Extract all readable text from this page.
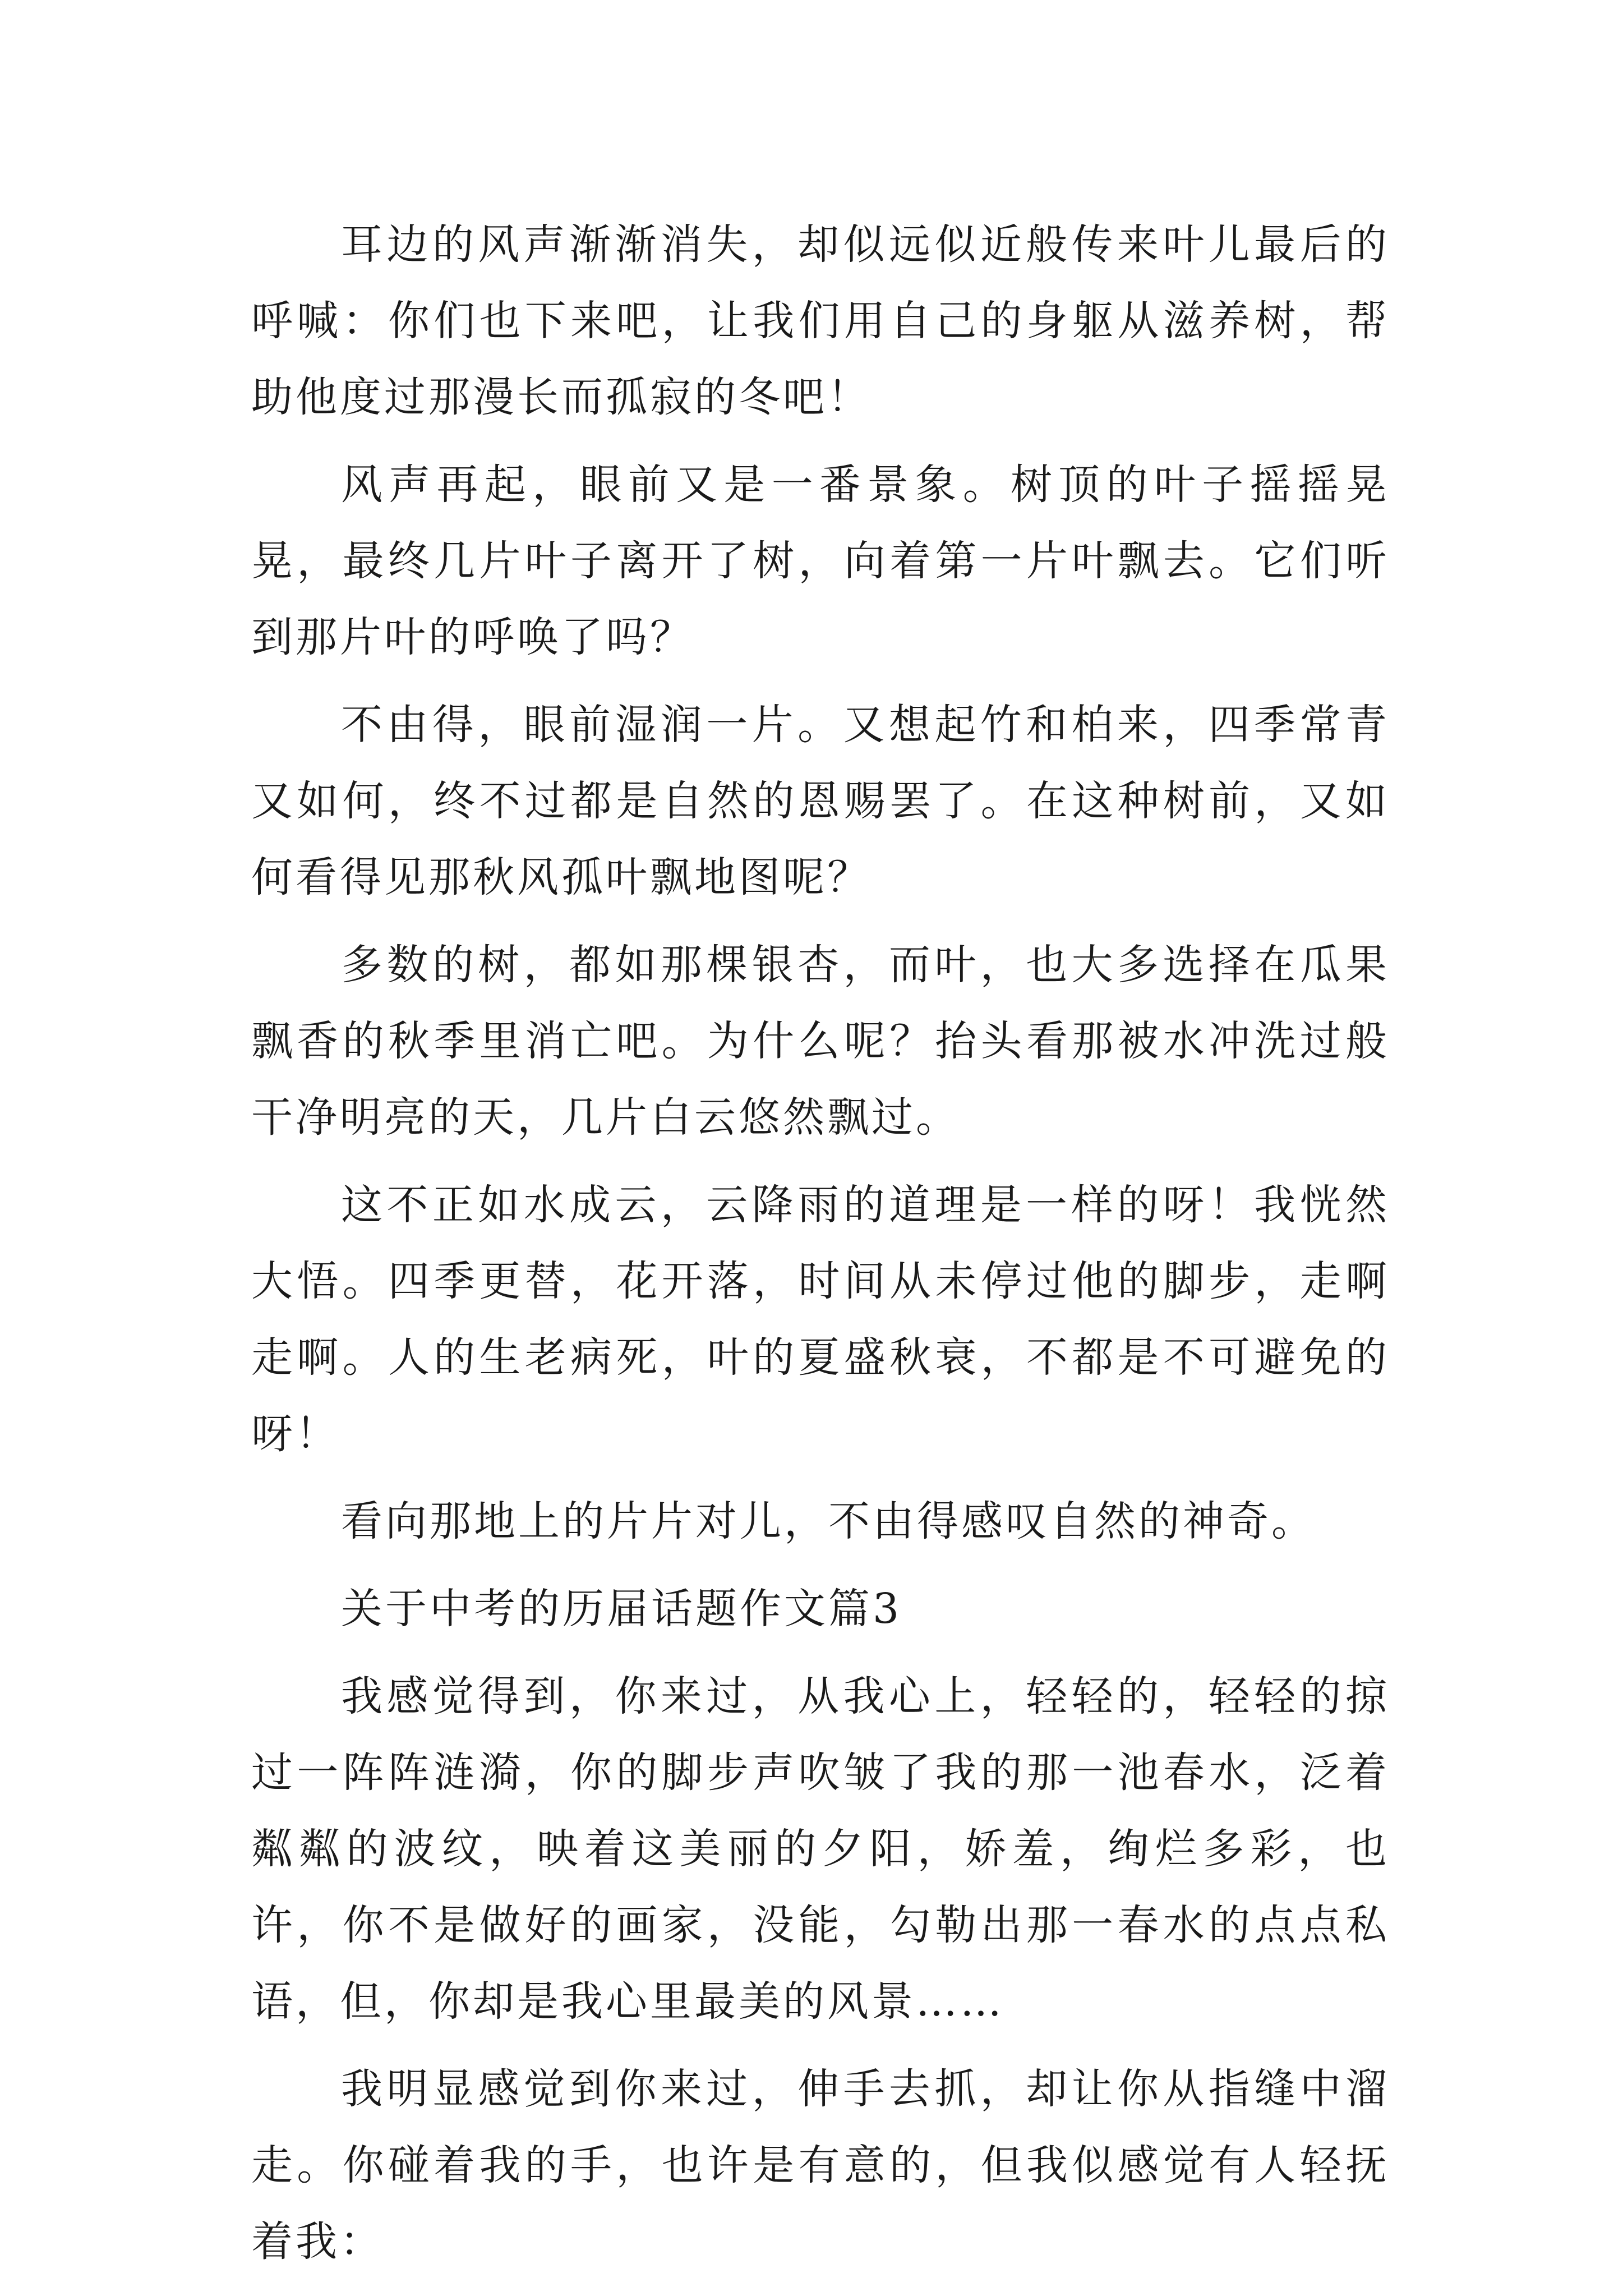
耳边的风声渐渐消失，却似远似近般传来叶儿最后的呼喊：你们也下来吧，让我们用自己的身躯从滋养树，帮助他度过那漫长而孤寂的冬吧！

风声再起，眼前又是一番景象。树顶的叶子摇摇晃晃，最终几片叶子离开了树，向着第一片叶飘去。它们听到那片叶的呼唤了吗？

不由得，眼前湿润一片。又想起竹和柏来，四季常青又如何，终不过都是自然的恩赐罢了。在这种树前，又如何看得见那秋风孤叶飘地图呢？

多数的树，都如那棵银杏，而叶，也大多选择在瓜果飘香的秋季里消亡吧。为什么呢？抬头看那被水冲洗过般干净明亮的天，几片白云悠然飘过。

这不正如水成云，云降雨的道理是一样的呀！我恍然大悟。四季更替，花开落，时间从未停过他的脚步，走啊走啊。人的生老病死，叶的夏盛秋衰，不都是不可避免的呀！

看向那地上的片片对儿，不由得感叹自然的神奇。

关于中考的历届话题作文篇3

我感觉得到，你来过，从我心上，轻轻的，轻轻的掠过一阵阵涟漪，你的脚步声吹皱了我的那一池春水，泛着粼粼的波纹，映着这美丽的夕阳，娇羞，绚烂多彩，也许，你不是做好的画家，没能，勾勒出那一春水的点点私语，但，你却是我心里最美的风景……

我明显感觉到你来过，伸手去抓，却让你从指缝中溜走。你碰着我的手，也许是有意的，但我似感觉有人轻抚着我：
